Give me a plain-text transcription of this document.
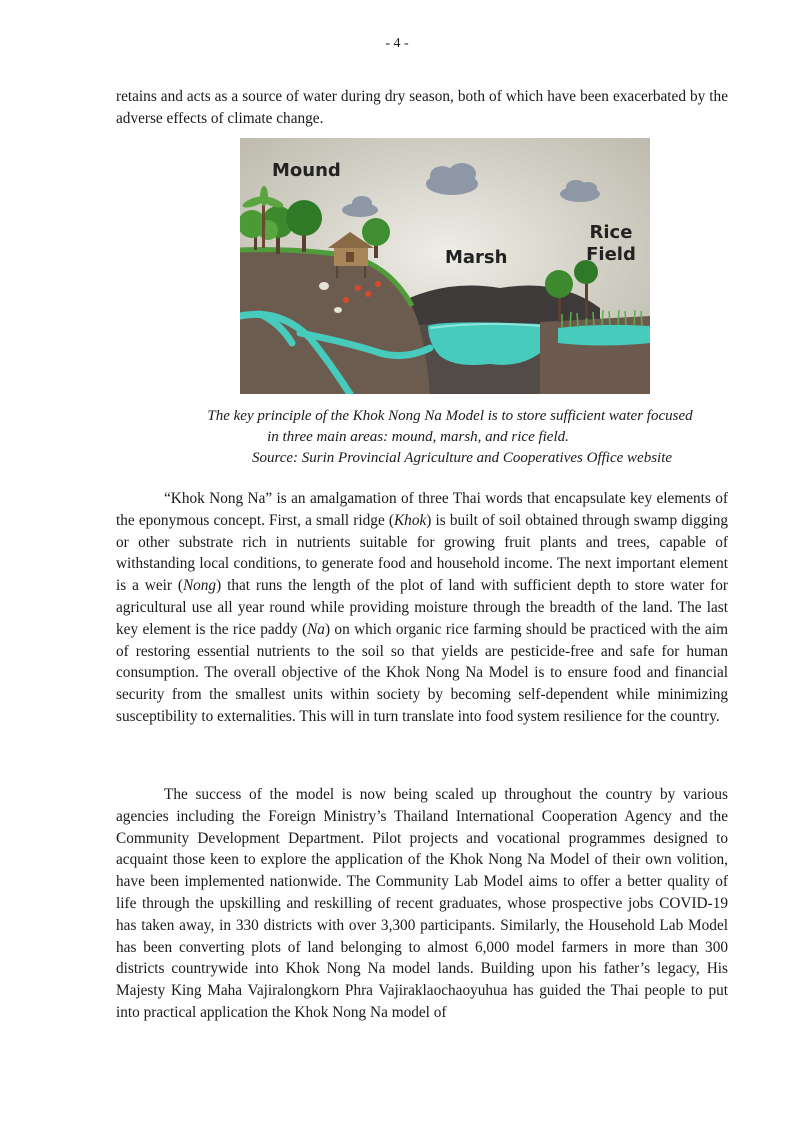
- 4 -

retains and acts as a source of water during dry season, both of which have been exacerbated by the adverse effects of climate change.

Mound
Marsh
Rice
Field
The key principle of the Khok Nong Na Model is to store sufficient water focused
in three main areas: mound, marsh, and rice field.
Source: Surin Provincial Agriculture and Cooperatives Office website

“Khok Nong Na” is an amalgamation of three Thai words that encapsulate key elements of the eponymous concept. First, a small ridge (Khok) is built of soil obtained through swamp digging or other substrate rich in nutrients suitable for growing fruit plants and trees, capable of withstanding local conditions, to generate food and household income. The next important element is a weir (Nong) that runs the length of the plot of land with sufficient depth to store water for agricultural use all year round while providing moisture through the breadth of the land. The last key element is the rice paddy (Na) on which organic rice farming should be practiced with the aim of restoring essential nutrients to the soil so that yields are pesticide-free and safe for human consumption. The overall objective of the Khok Nong Na Model is to ensure food and financial security from the smallest units within society by becoming self-dependent while minimizing susceptibility to externalities. This will in turn translate into food system resilience for the country.

The success of the model is now being scaled up throughout the country by various agencies including the Foreign Ministry’s Thailand International Cooperation Agency and the Community Development Department. Pilot projects and vocational programmes designed to acquaint those keen to explore the application of the Khok Nong Na Model of their own volition, have been implemented nationwide. The Community Lab Model aims to offer a better quality of life through the upskilling and reskilling of recent graduates, whose prospective jobs COVID-19 has taken away, in 330 districts with over 3,300 participants. Similarly, the Household Lab Model has been converting plots of land belonging to almost 6,000 model farmers in more than 300 districts countrywide into Khok Nong Na model lands. Building upon his father’s legacy, His Majesty King Maha Vajiralongkorn Phra Vajiraklaochaoyuhua has guided the Thai people to put into practical application the Khok Nong Na model of
